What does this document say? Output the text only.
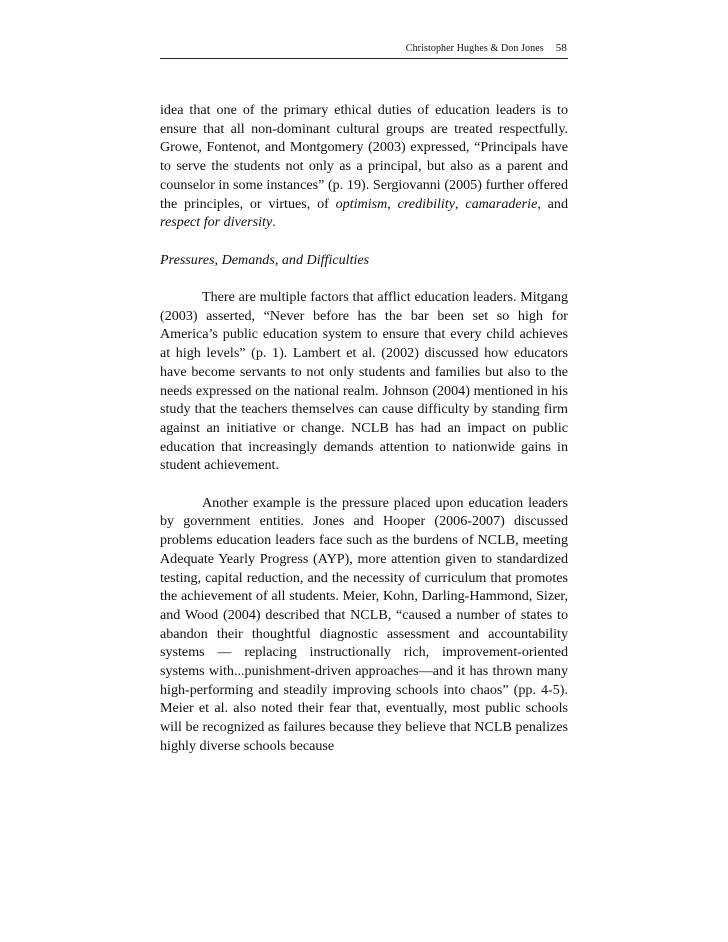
Christopher Hughes & Don Jones 58

idea that one of the primary ethical duties of education leaders is to ensure that all non-dominant cultural groups are treated respectfully. Growe, Fontenot, and Montgomery (2003) expressed, “Principals have to serve the students not only as a principal, but also as a parent and counselor in some instances” (p. 19). Sergiovanni (2005) further offered the principles, or virtues, of optimism, credibility, camaraderie, and respect for diversity.

Pressures, Demands, and Difficulties

There are multiple factors that afflict education leaders. Mitgang (2003) asserted, “Never before has the bar been set so high for America’s public education system to ensure that every child achieves at high levels” (p. 1). Lambert et al. (2002) discussed how educators have become servants to not only students and families but also to the needs expressed on the national realm. Johnson (2004) mentioned in his study that the teachers themselves can cause difficulty by standing firm against an initiative or change. NCLB has had an impact on public education that increasingly demands attention to nationwide gains in student achievement.

Another example is the pressure placed upon education leaders by government entities. Jones and Hooper (2006-2007) discussed problems education leaders face such as the burdens of NCLB, meeting Adequate Yearly Progress (AYP), more attention given to standardized testing, capital reduction, and the necessity of curriculum that promotes the achievement of all students. Meier, Kohn, Darling-Hammond, Sizer, and Wood (2004) described that NCLB, “caused a number of states to abandon their thoughtful diagnostic assessment and accountability systems — replacing instructionally rich, improvement-oriented systems with...punishment-driven approaches—and it has thrown many high-performing and steadily improving schools into chaos” (pp. 4-5). Meier et al. also noted their fear that, eventually, most public schools will be recognized as failures because they believe that NCLB penalizes highly diverse schools because
